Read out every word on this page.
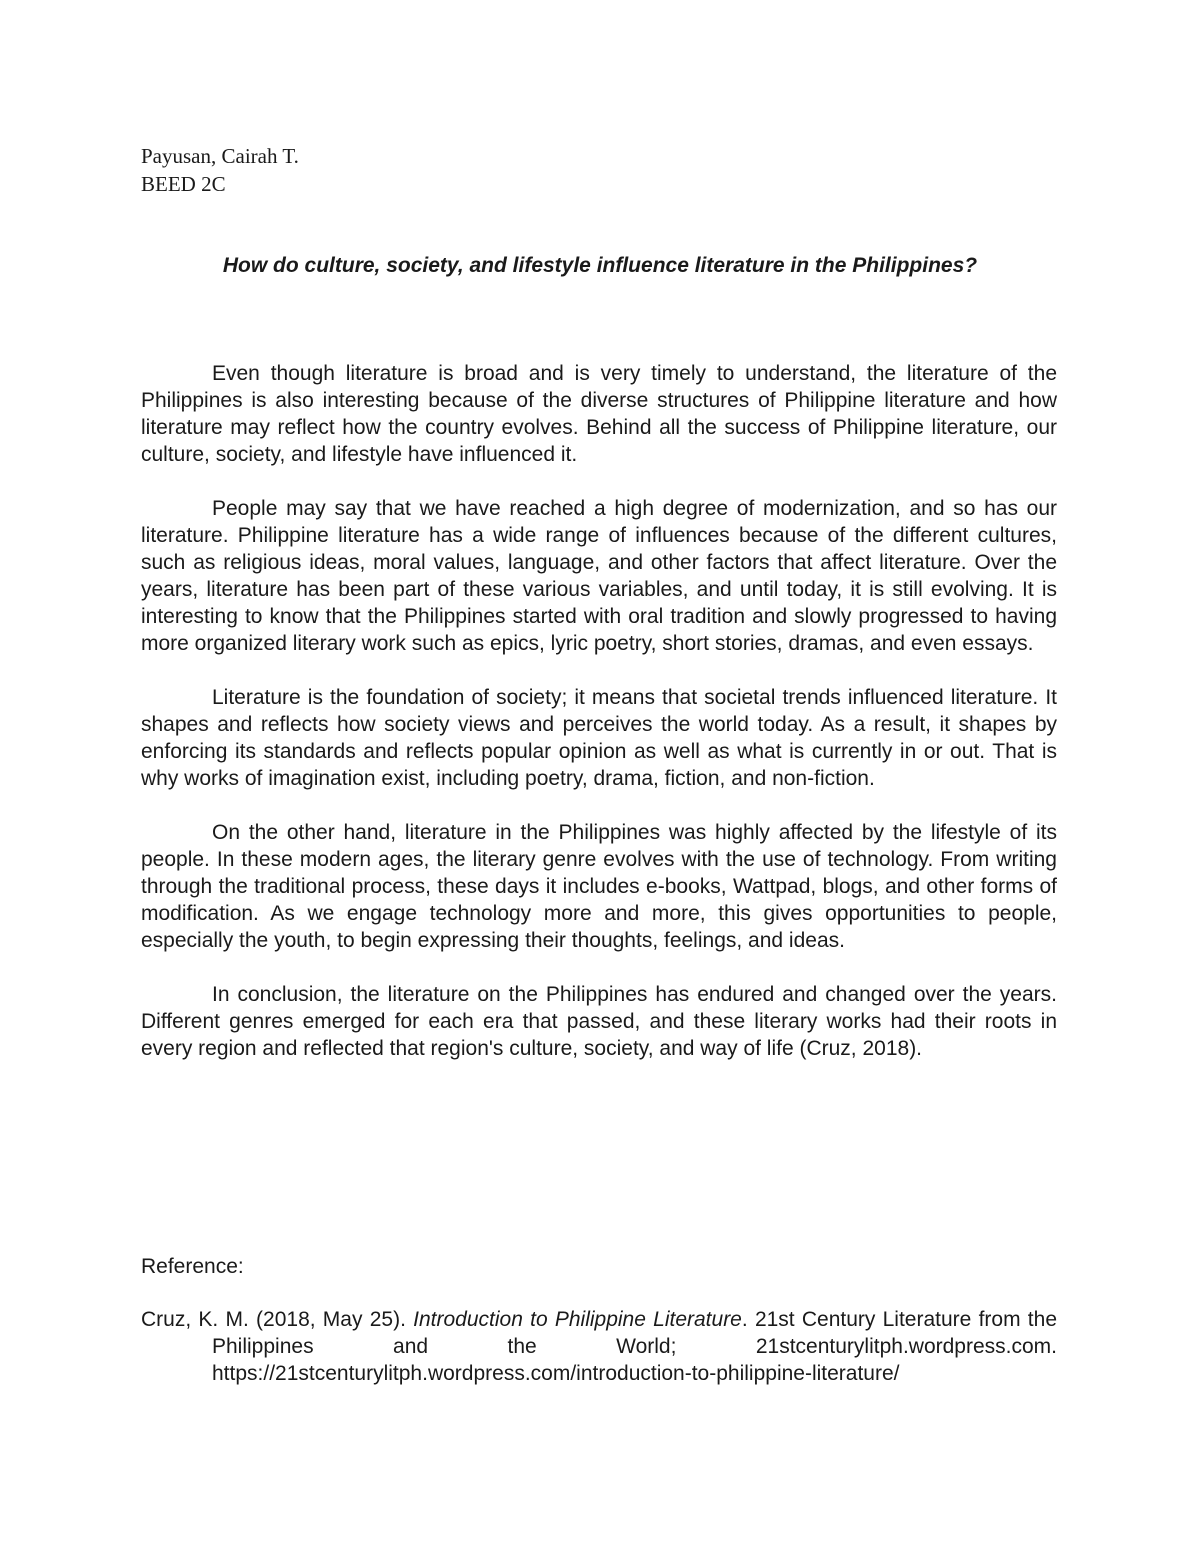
Payusan, Cairah T.
BEED 2C
How do culture, society, and lifestyle influence literature in the Philippines?

Even though literature is broad and is very timely to understand, the literature of the Philippines is also interesting because of the diverse structures of Philippine literature and how literature may reflect how the country evolves. Behind all the success of Philippine literature, our culture, society, and lifestyle have influenced it.

People may say that we have reached a high degree of modernization, and so has our literature. Philippine literature has a wide range of influences because of the different cultures, such as religious ideas, moral values, language, and other factors that affect literature. Over the years, literature has been part of these various variables, and until today, it is still evolving. It is interesting to know that the Philippines started with oral tradition and slowly progressed to having more organized literary work such as epics, lyric poetry, short stories, dramas, and even essays.

Literature is the foundation of society; it means that societal trends influenced literature. It shapes and reflects how society views and perceives the world today. As a result, it shapes by enforcing its standards and reflects popular opinion as well as what is currently in or out. That is why works of imagination exist, including poetry, drama, fiction, and non-fiction.

On the other hand, literature in the Philippines was highly affected by the lifestyle of its people. In these modern ages, the literary genre evolves with the use of technology. From writing through the traditional process, these days it includes e-books, Wattpad, blogs, and other forms of modification. As we engage technology more and more, this gives opportunities to people, especially the youth, to begin expressing their thoughts, feelings, and ideas.

In conclusion, the literature on the Philippines has endured and changed over the years. Different genres emerged for each era that passed, and these literary works had their roots in every region and reflected that region's culture, society, and way of life (Cruz, 2018).

Reference:
Cruz, K. M. (2018, May 25). Introduction to Philippine Literature. 21st Century Literature from the Philippines and the World; 21stcenturylitph.wordpress.com. https://21stcenturylitph.wordpress.com/introduction-to-philippine-literature/
